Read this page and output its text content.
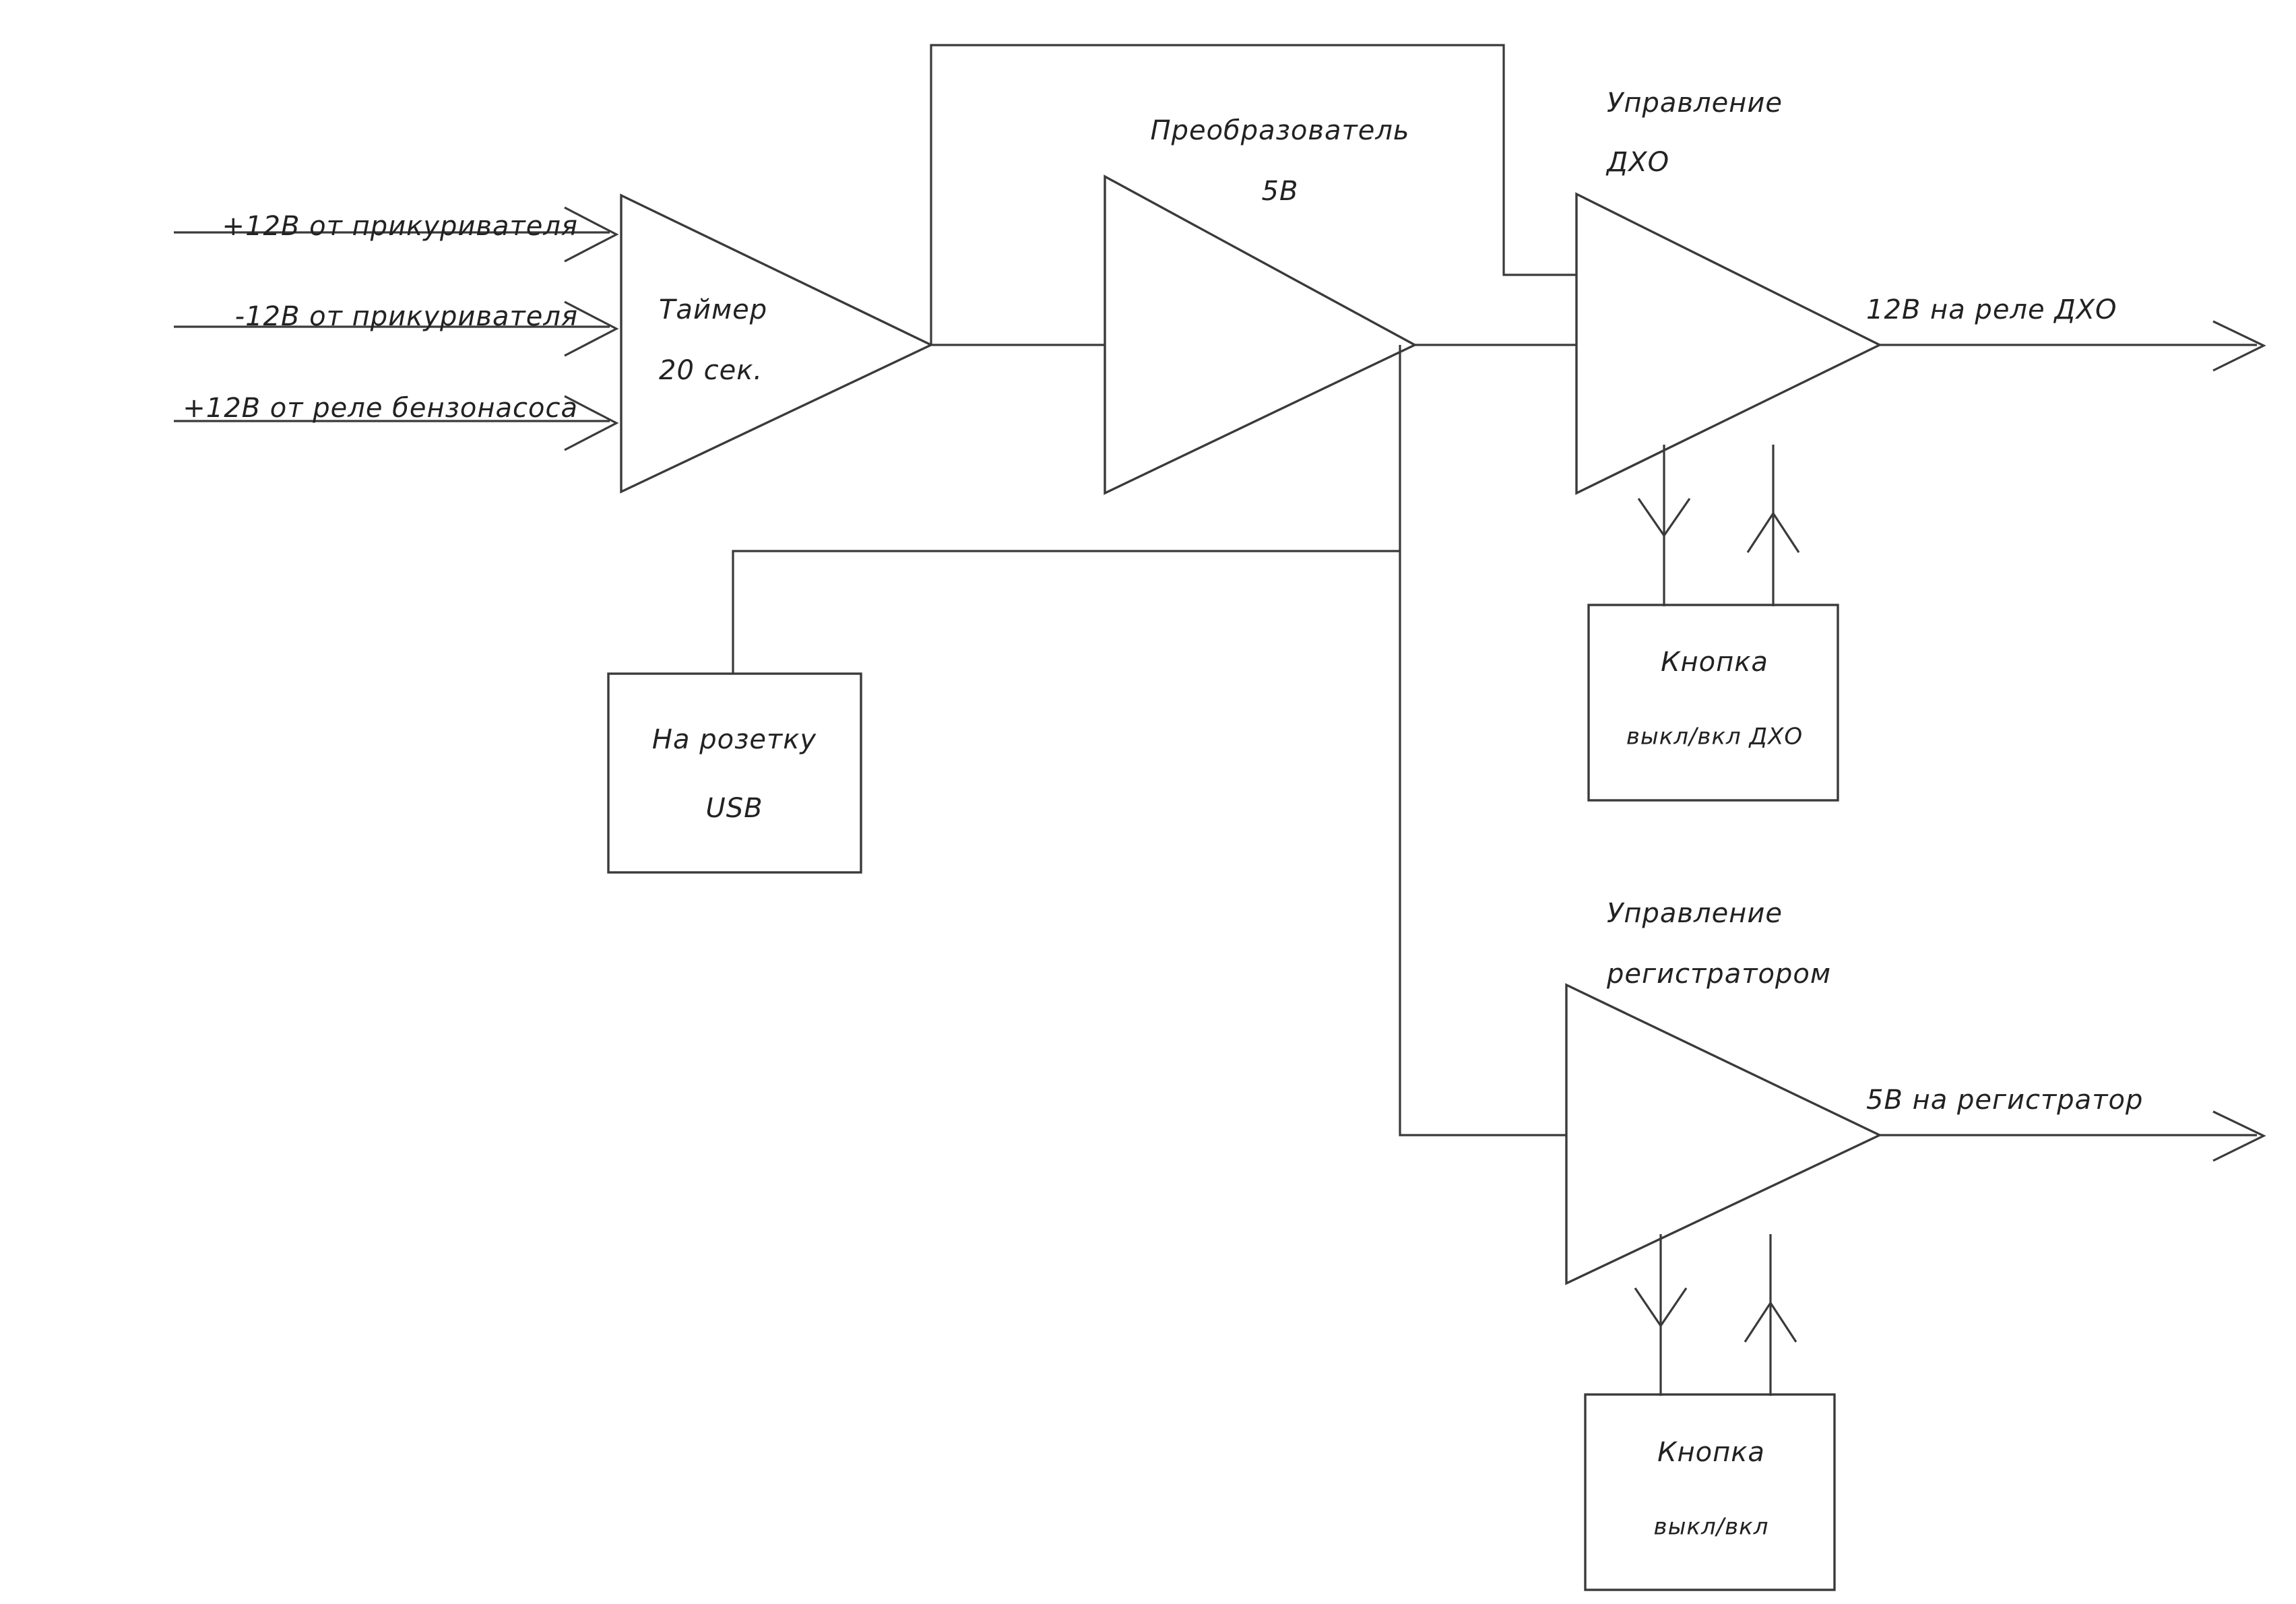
+12В от прикуривателя
-12В от прикуривателя
+12В от реле бензонасоса
Таймер
20 сек.
Преобразователь
5В
Управление
ДХО
Управление
регистратором
На розетку
USB
Кнопка
выкл/вкл ДХО
Кнопка
выкл/вкл
12В на реле ДХО
5В на регистратор
